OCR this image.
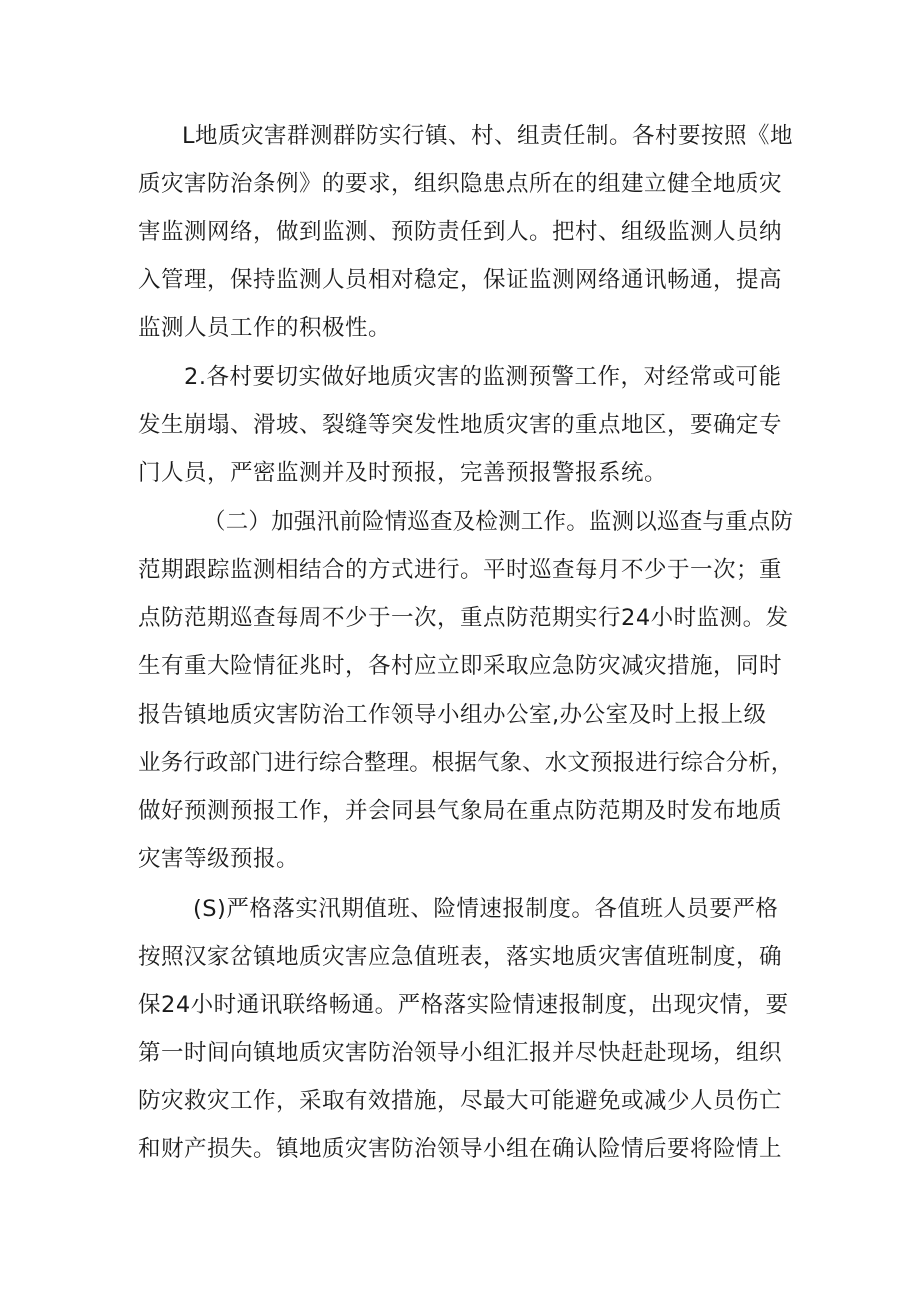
L地质灾害群测群防实行镇、村、组责任制。各村要按照《地
质灾害防治条例》的要求，组织隐患点所在的组建立健全地质灾
害监测网络，做到监测、预防责任到人。把村、组级监测人员纳
入管理，保持监测人员相对稳定，保证监测网络通讯畅通，提高
监测人员工作的积极性。
2.各村要切实做好地质灾害的监测预警工作，对经常或可能
发生崩塌、滑坡、裂缝等突发性地质灾害的重点地区，要确定专
门人员，严密监测并及时预报，完善预报警报系统。
（二）加强汛前险情巡查及检测工作。监测以巡查与重点防
范期跟踪监测相结合的方式进行。平时巡查每月不少于一次；重
点防范期巡查每周不少于一次，重点防范期实行24小时监测。发
生有重大险情征兆时，各村应立即采取应急防灾减灾措施，同时
报告镇地质灾害防治工作领导小组办公室,办公室及时上报上级
业务行政部门进行综合整理。根据气象、水文预报进行综合分析，
做好预测预报工作，并会同县气象局在重点防范期及时发布地质
灾害等级预报。
(S)严格落实汛期值班、险情速报制度。各值班人员要严格
按照汉家岔镇地质灾害应急值班表，落实地质灾害值班制度，确
保24小时通讯联络畅通。严格落实险情速报制度，出现灾情，要
第一时间向镇地质灾害防治领导小组汇报并尽快赶赴现场，组织
防灾救灾工作，采取有效措施，尽最大可能避免或减少人员伤亡
和财产损失。镇地质灾害防治领导小组在确认险情后要将险情上
